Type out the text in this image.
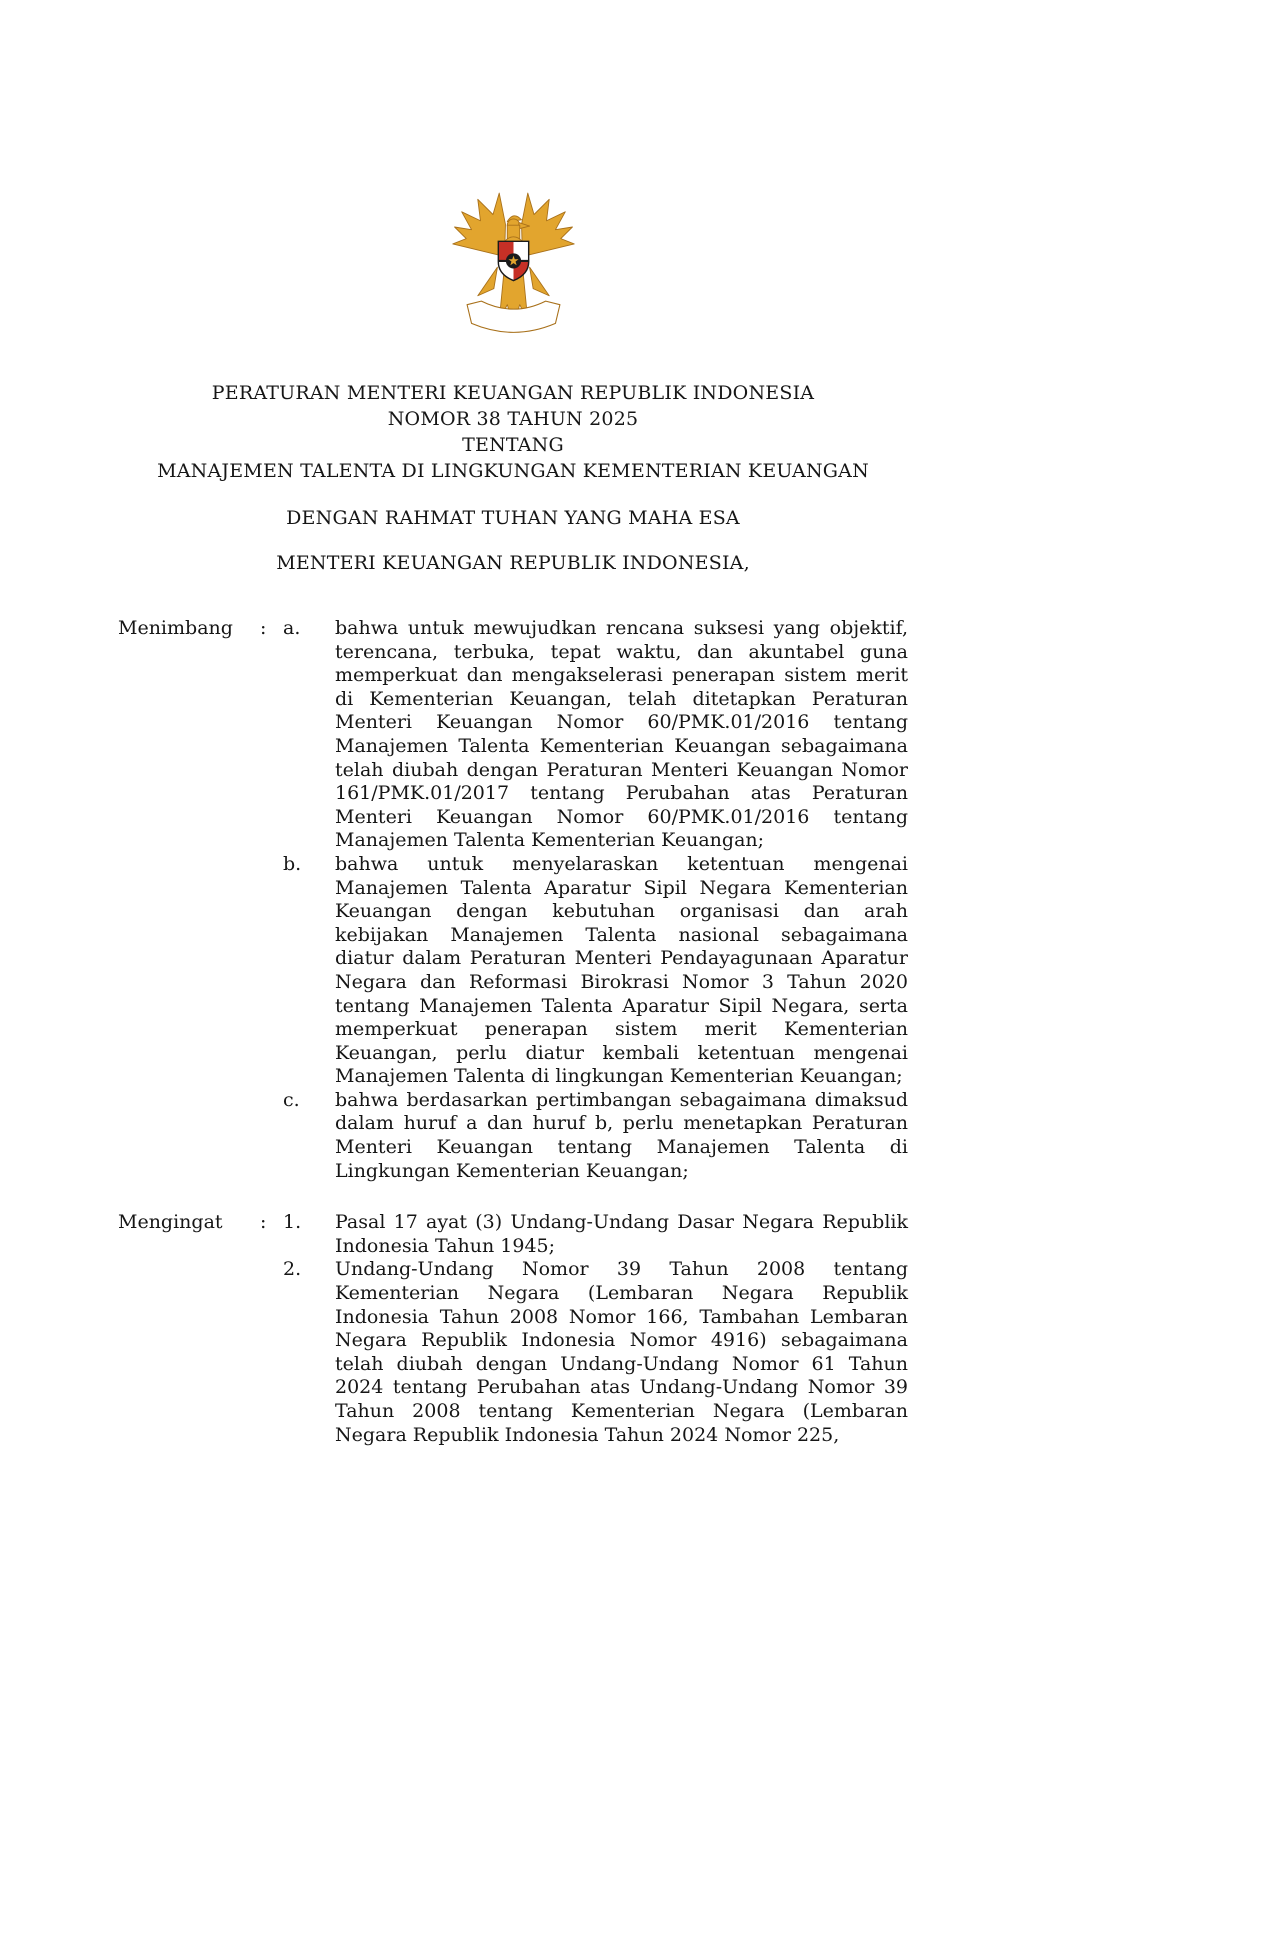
PERATURAN MENTERI KEUANGAN REPUBLIK INDONESIA
NOMOR 38 TAHUN 2025
TENTANG
MANAJEMEN TALENTA DI LINGKUNGAN KEMENTERIAN KEUANGAN
DENGAN RAHMAT TUHAN YANG MAHA ESA
MENTERI KEUANGAN REPUBLIK INDONESIA,
Menimbang	: a.	bahwa untuk mewujudkan rencana suksesi yang objektif, terencana, terbuka, tepat waktu, dan akuntabel guna memperkuat dan mengakselerasi penerapan sistem merit di Kementerian Keuangan, telah ditetapkan Peraturan Menteri Keuangan Nomor 60/PMK.01/2016 tentang Manajemen Talenta Kementerian Keuangan sebagaimana telah diubah dengan Peraturan Menteri Keuangan Nomor 161/PMK.01/2017 tentang Perubahan atas Peraturan Menteri Keuangan Nomor 60/PMK.01/2016 tentang Manajemen Talenta Kementerian Keuangan;
b.	bahwa untuk menyelaraskan ketentuan mengenai Manajemen Talenta Aparatur Sipil Negara Kementerian Keuangan dengan kebutuhan organisasi dan arah kebijakan Manajemen Talenta nasional sebagaimana diatur dalam Peraturan Menteri Pendayagunaan Aparatur Negara dan Reformasi Birokrasi Nomor 3 Tahun 2020 tentang Manajemen Talenta Aparatur Sipil Negara, serta memperkuat penerapan sistem merit Kementerian Keuangan, perlu diatur kembali ketentuan mengenai Manajemen Talenta di lingkungan Kementerian Keuangan;
c.	bahwa berdasarkan pertimbangan sebagaimana dimaksud dalam huruf a dan huruf b, perlu menetapkan Peraturan Menteri Keuangan tentang Manajemen Talenta di Lingkungan Kementerian Keuangan;
Mengingat	: 1.	Pasal 17 ayat (3) Undang-Undang Dasar Negara Republik Indonesia Tahun 1945;
2.	Undang-Undang Nomor 39 Tahun 2008 tentang Kementerian Negara (Lembaran Negara Republik Indonesia Tahun 2008 Nomor 166, Tambahan Lembaran Negara Republik Indonesia Nomor 4916) sebagaimana telah diubah dengan Undang-Undang Nomor 61 Tahun 2024 tentang Perubahan atas Undang-Undang Nomor 39 Tahun 2008 tentang Kementerian Negara (Lembaran Negara Republik Indonesia Tahun 2024 Nomor 225,
